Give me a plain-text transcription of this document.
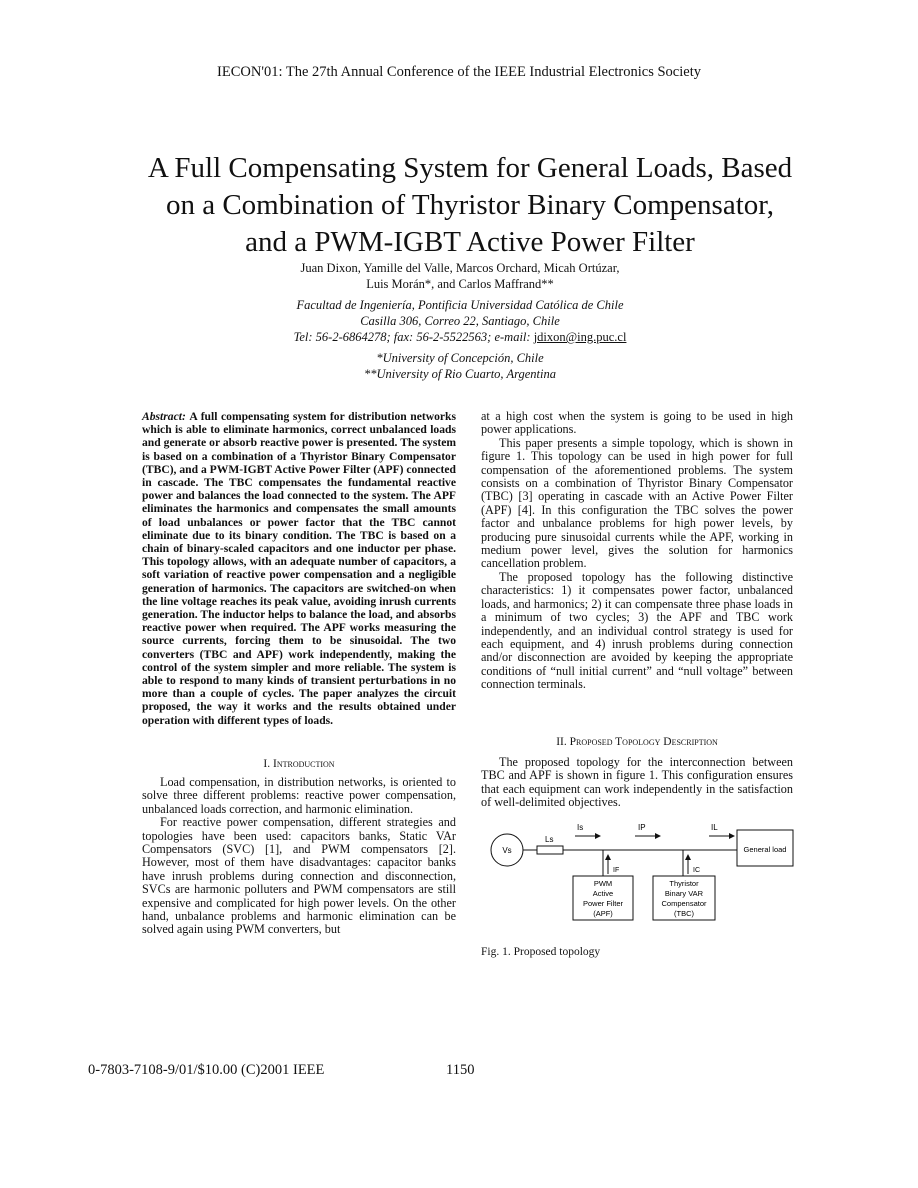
IECON'01: The 27th Annual Conference of the IEEE Industrial Electronics Society
A Full Compensating System for General Loads, Based
on a Combination of Thyristor Binary Compensator,
and a PWM-IGBT Active Power Filter
Juan Dixon, Yamille del Valle, Marcos Orchard, Micah Ortúzar,
Luis Morán*, and Carlos Maffrand**
Facultad de Ingeniería, Pontificia Universidad Católica de Chile
Casilla 306, Correo 22, Santiago, Chile
Tel: 56-2-6864278; fax: 56-2-5522563; e-mail: jdixon@ing.puc.cl
*University of Concepción, Chile
**University of Rio Cuarto, Argentina
Abstract: A full compensating system for distribution networks which is able to eliminate harmonics, correct unbalanced loads and generate or absorb reactive power is presented. The system is based on a combination of a Thyristor Binary Compensator (TBC), and a PWM-IGBT Active Power Filter (APF) connected in cascade. The TBC compensates the fundamental reactive power and balances the load connected to the system. The APF eliminates the harmonics and compensates the small amounts of load unbalances or power factor that the TBC cannot eliminate due to its binary condition. The TBC is based on a chain of binary-scaled capacitors and one inductor per phase. This topology allows, with an adequate number of capacitors, a soft variation of reactive power compensation and a negligible generation of harmonics. The capacitors are switched-on when the line voltage reaches its peak value, avoiding inrush currents generation. The inductor helps to balance the load, and absorbs reactive power when required. The APF works measuring the source currents, forcing them to be sinusoidal. The two converters (TBC and APF) work independently, making the control of the system simpler and more reliable. The system is able to respond to many kinds of transient perturbations in no more than a couple of cycles. The paper analyzes the circuit proposed, the way it works and the results obtained under operation with different types of loads.
I. Introduction

Load compensation, in distribution networks, is oriented to solve three different problems: reactive power compensation, unbalanced loads correction, and harmonic elimination.

For reactive power compensation, different strategies and topologies have been used: capacitors banks, Static VAr Compensators (SVC) [1], and PWM compensators [2]. However, most of them have disadvantages: capacitor banks have inrush problems during connection and disconnection, SVCs are harmonic polluters and PWM compensators are still expensive and complicated for high power levels. On the other hand, unbalance problems and harmonic elimination can be solved again using PWM converters, but

at a high cost when the system is going to be used in high power applications.

This paper presents a simple topology, which is shown in figure 1. This topology can be used in high power for full compensation of the aforementioned problems. The system consists on a combination of Thyristor Binary Compensator (TBC) [3] operating in cascade with an Active Power Filter (APF) [4]. In this configuration the TBC solves the power factor and unbalance problems for high power levels, by producing pure sinusoidal currents while the APF, working in medium power level, gives the solution for harmonics cancellation problem.

The proposed topology has the following distinctive characteristics: 1) it compensates power factor, unbalanced loads, and harmonics; 2) it can compensate three phase loads in a minimum of two cycles; 3) the APF and TBC work independently, and an individual control strategy is used for each equipment, and 4) inrush problems during connection and/or disconnection are avoided by keeping the appropriate conditions of “null initial current” and “null voltage” between connection terminals.

II. Proposed Topology Description

The proposed topology for the interconnection between TBC and APF is shown in figure 1. This configuration ensures that each equipment can work independently in the satisfaction of well-delimited objectives.

Vs
Ls
Is	IP	IL
General load
IF	IC
PWM
Active
Power Filter
(APF)
Thyristor
Binary VAR
Compensator
(TBC)
Fig. 1. Proposed topology
0-7803-7108-9/01/$10.00 (C)2001 IEEE	1150
